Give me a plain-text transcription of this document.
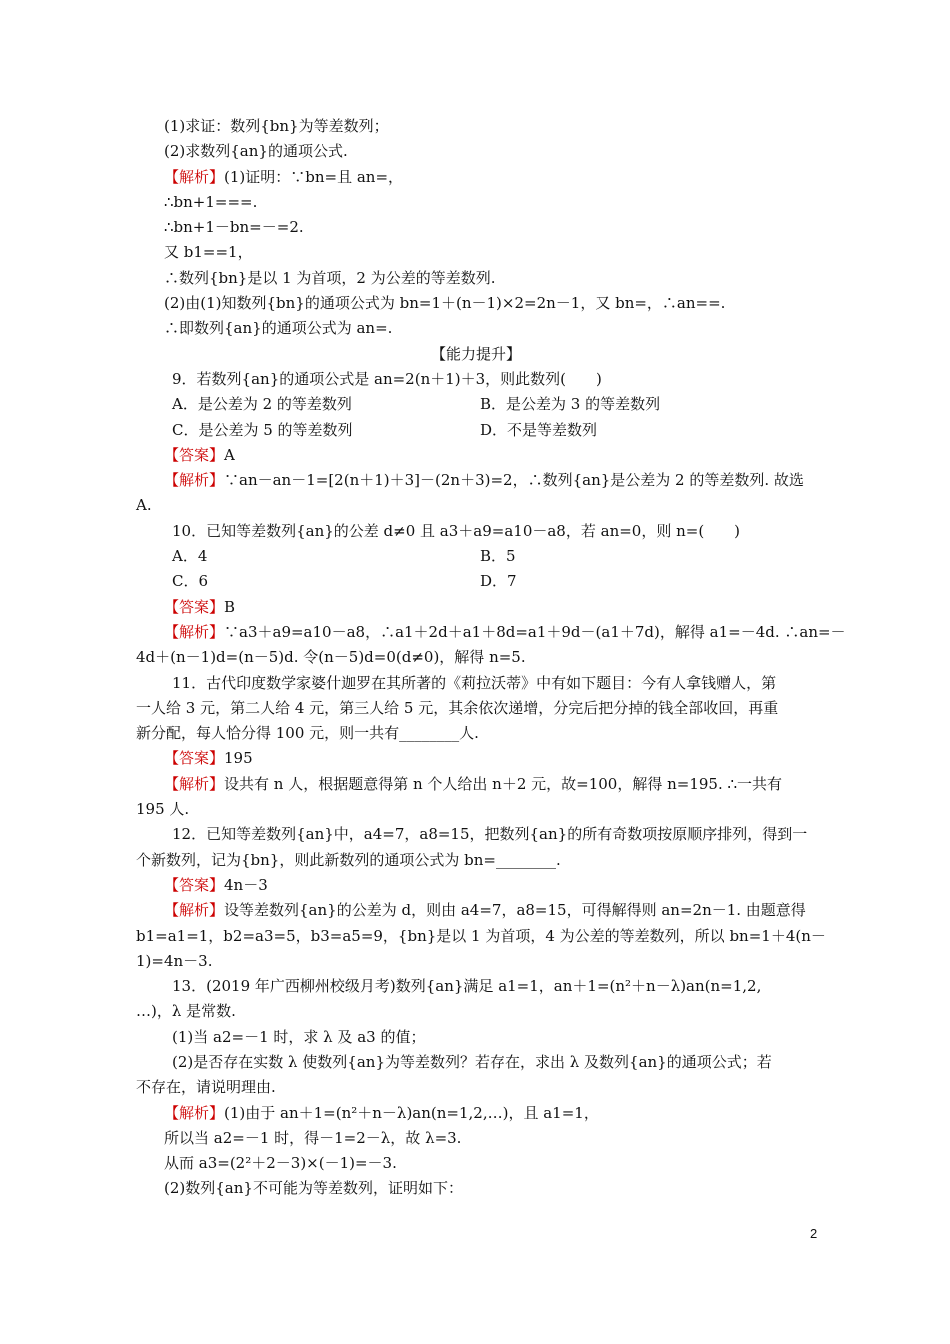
(1)求证：数列{bn}为等差数列；
(2)求数列{an}的通项公式.
【解析】(1)证明：∵bn=且 an=，
∴bn+1===.
∴bn+1－bn=－=2.
又 b1==1，
∴数列{bn}是以 1 为首项，2 为公差的等差数列.
(2)由(1)知数列{bn}的通项公式为 bn=1＋(n－1)×2=2n－1，又 bn=，∴an==.
∴即数列{an}的通项公式为 an=.
【能力提升】
9．若数列{an}的通项公式是 an=2(n＋1)＋3，则此数列(　　)
A．是公差为 2 的等差数列	B．是公差为 3 的等差数列
C．是公差为 5 的等差数列	D．不是等差数列
【答案】A
【解析】∵an－an－1=[2(n＋1)＋3]－(2n＋3)=2，∴数列{an}是公差为 2 的等差数列. 故选
A.
10．已知等差数列{an}的公差 d≠0 且 a3＋a9=a10－a8，若 an=0，则 n=(　　)
A．4	B．5
C．6	D．7
【答案】B
【解析】∵a3＋a9=a10－a8，∴a1＋2d＋a1＋8d=a1＋9d－(a1＋7d)，解得 a1=－4d. ∴an=－
4d＋(n－1)d=(n－5)d. 令(n－5)d=0(d≠0)，解得 n=5.
11．古代印度数学家婆什迦罗在其所著的《莉拉沃蒂》中有如下题目：今有人拿钱赠人，第
一人给 3 元，第二人给 4 元，第三人给 5 元，其余依次递增，分完后把分掉的钱全部收回，再重
新分配，每人恰分得 100 元，则一共有________人.
【答案】195
【解析】设共有 n 人，根据题意得第 n 个人给出 n＋2 元，故=100，解得 n=195. ∴一共有
195 人.
12．已知等差数列{an}中，a4=7，a8=15，把数列{an}的所有奇数项按原顺序排列，得到一
个新数列，记为{bn}，则此新数列的通项公式为 bn=________.
【答案】4n－3
【解析】设等差数列{an}的公差为 d，则由 a4=7，a8=15，可得解得则 an=2n－1. 由题意得
b1=a1=1，b2=a3=5，b3=a5=9，{bn}是以 1 为首项，4 为公差的等差数列，所以 bn=1＋4(n－
1)=4n－3.
13．(2019 年广西柳州校级月考)数列{an}满足 a1=1，an＋1=(n²＋n－λ)an(n=1,2,
…)，λ 是常数.
(1)当 a2=－1 时，求 λ 及 a3 的值；
(2)是否存在实数 λ 使数列{an}为等差数列？若存在，求出 λ 及数列{an}的通项公式；若
不存在，请说明理由.
【解析】(1)由于 an＋1=(n²＋n－λ)an(n=1,2,…)，且 a1=1，
所以当 a2=－1 时，得－1=2－λ，故 λ=3.
从而 a3=(2²＋2－3)×(－1)=－3.
(2)数列{an}不可能为等差数列，证明如下：
2
